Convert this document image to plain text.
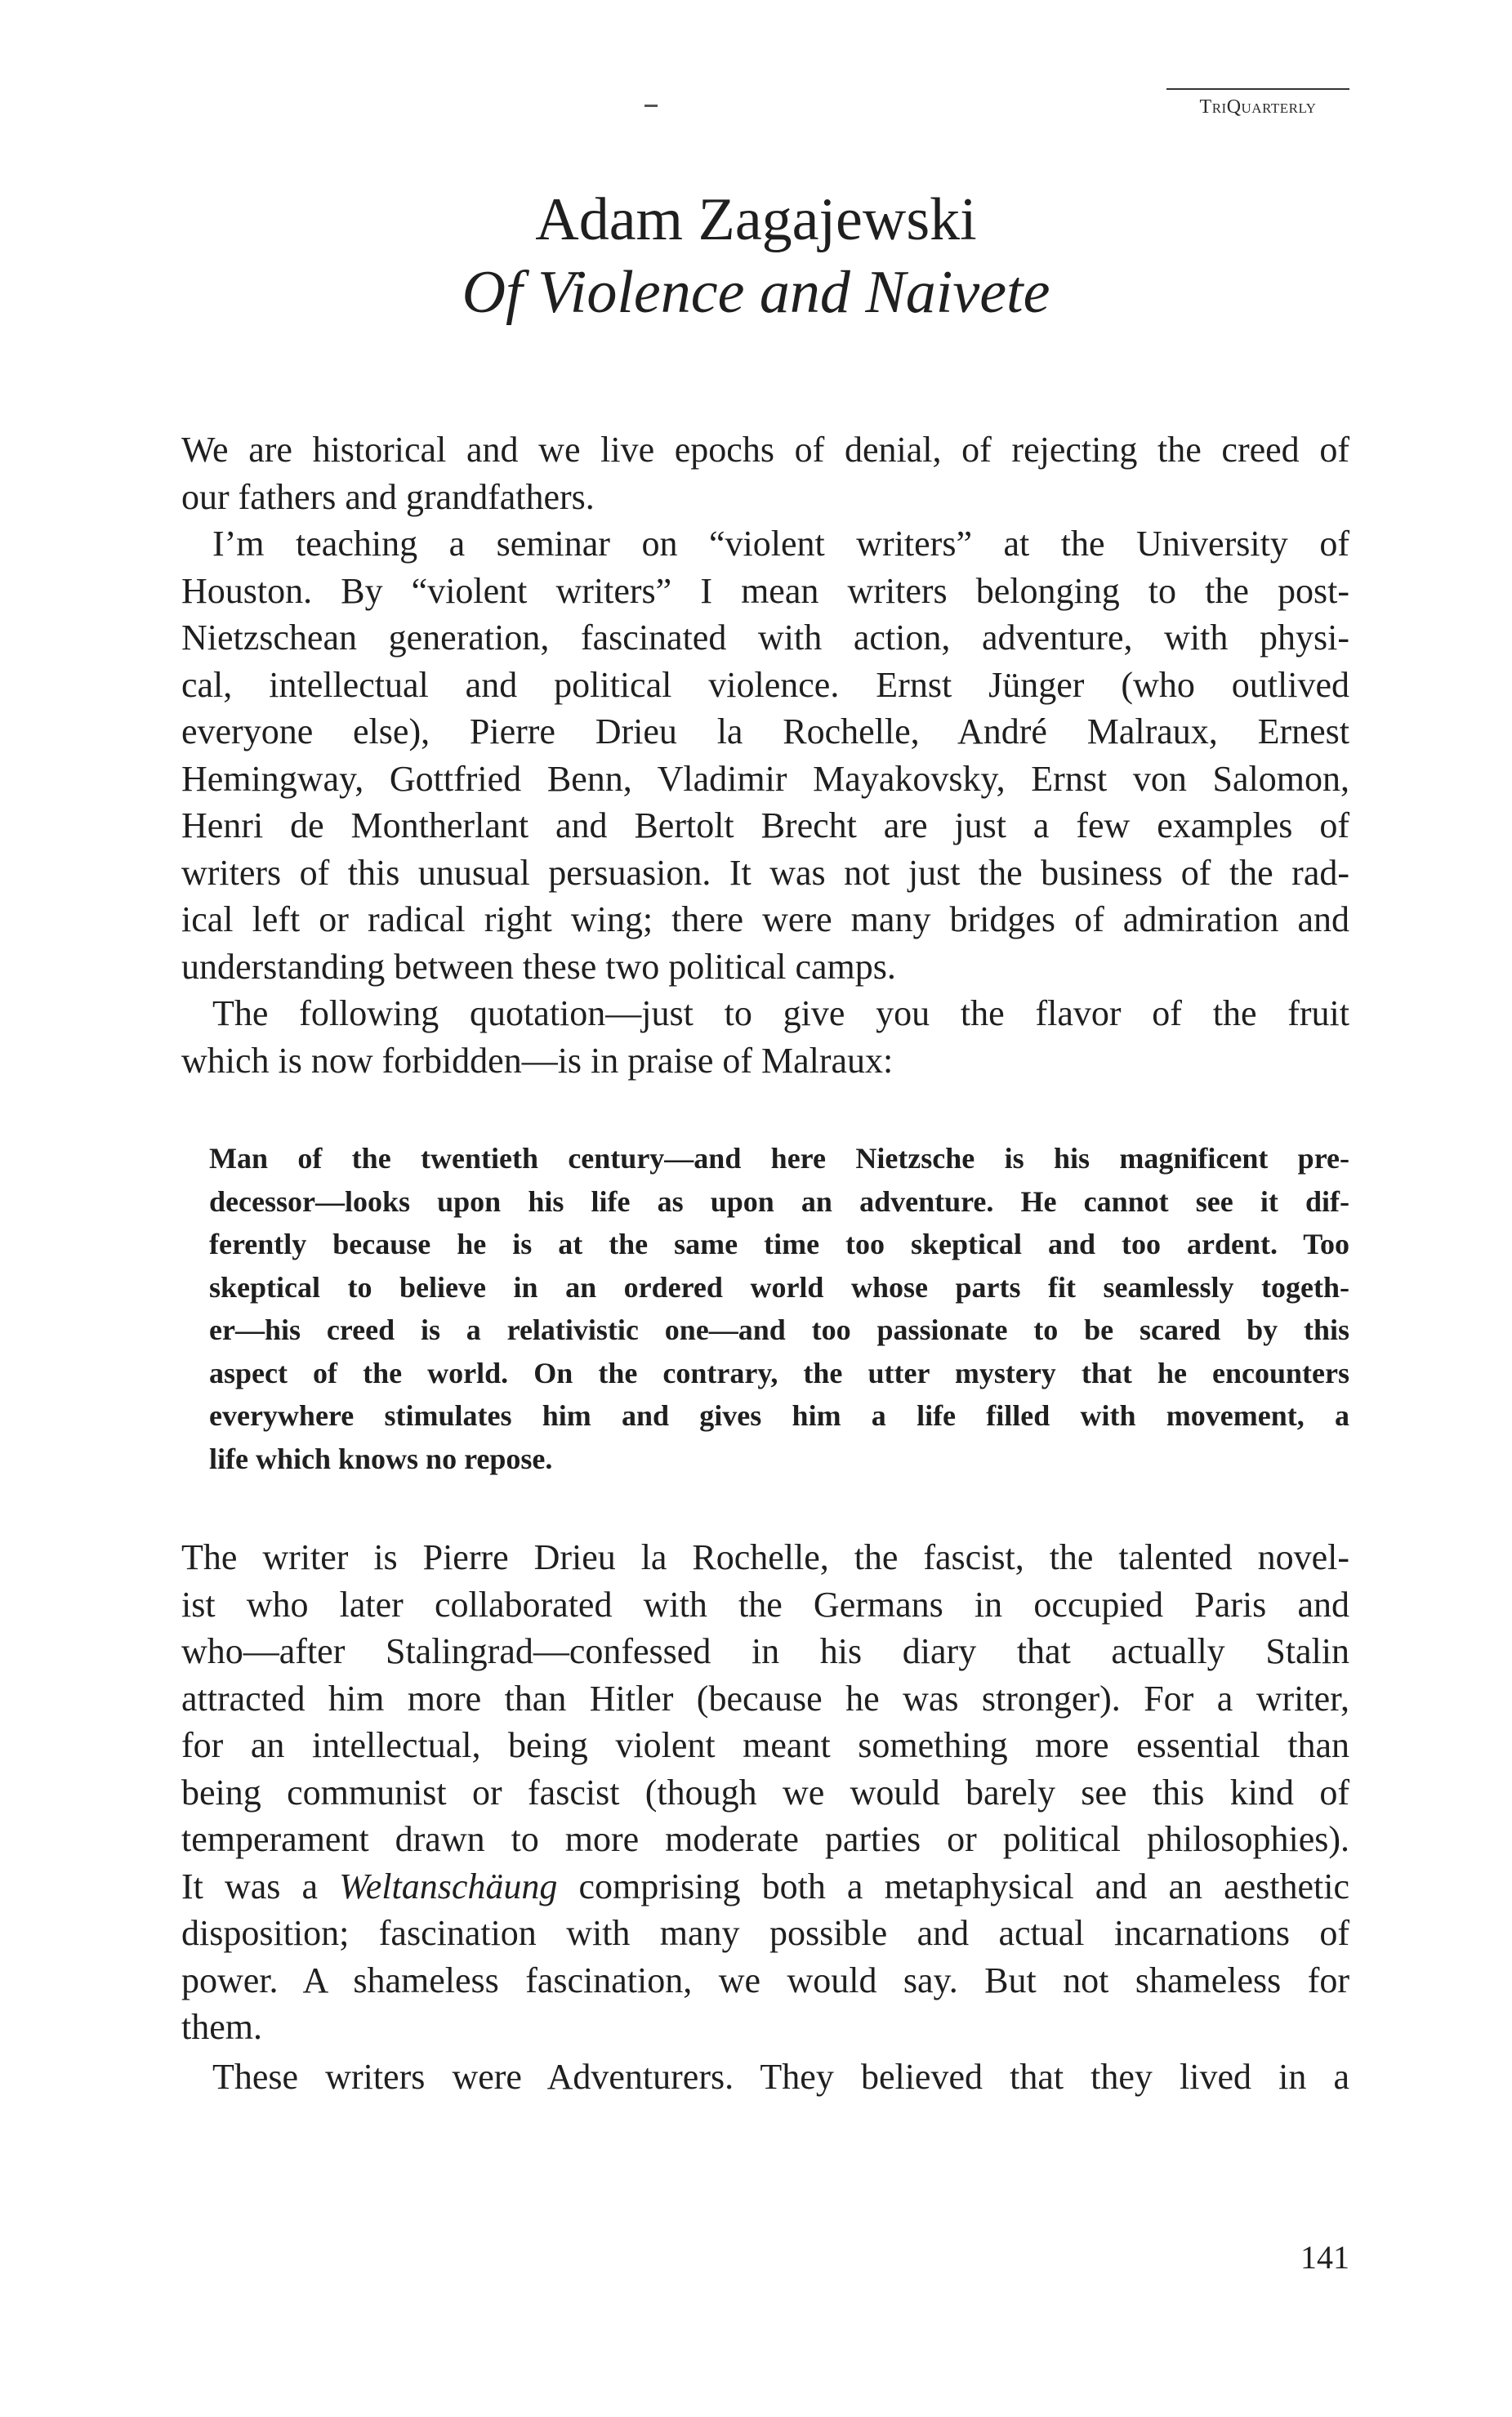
TriQuarterly
Adam Zagajewski
Of Violence and Naivete
We are historical and we live epochs of denial, of rejecting the creed of
our fathers and grandfathers.
I’m teaching a seminar on “violent writers” at the University of
Houston. By “violent writers” I mean writers belonging to the post-
Nietzschean generation, fascinated with action, adventure, with physi-
cal, intellectual and political violence. Ernst Jünger (who outlived
everyone else), Pierre Drieu la Rochelle, André Malraux, Ernest
Hemingway, Gottfried Benn, Vladimir Mayakovsky, Ernst von Salomon,
Henri de Montherlant and Bertolt Brecht are just a few examples of
writers of this unusual persuasion. It was not just the business of the rad-
ical left or radical right wing; there were many bridges of admiration and
understanding between these two political camps.
The following quotation—just to give you the flavor of the fruit
which is now forbidden—is in praise of Malraux:
Man of the twentieth century—and here Nietzsche is his magnificent pre-
decessor—looks upon his life as upon an adventure. He cannot see it dif-
ferently because he is at the same time too skeptical and too ardent. Too
skeptical to believe in an ordered world whose parts fit seamlessly togeth-
er—his creed is a relativistic one—and too passionate to be scared by this
aspect of the world. On the contrary, the utter mystery that he encounters
everywhere stimulates him and gives him a life filled with movement, a
life which knows no repose.
The writer is Pierre Drieu la Rochelle, the fascist, the talented novel-
ist who later collaborated with the Germans in occupied Paris and
who—after Stalingrad—confessed in his diary that actually Stalin
attracted him more than Hitler (because he was stronger). For a writer,
for an intellectual, being violent meant something more essential than
being communist or fascist (though we would barely see this kind of
temperament drawn to more moderate parties or political philosophies).
It was a Weltanschäung comprising both a metaphysical and an aesthetic
disposition; fascination with many possible and actual incarnations of
power. A shameless fascination, we would say. But not shameless for
them.
These writers were Adventurers. They believed that they lived in a
141
